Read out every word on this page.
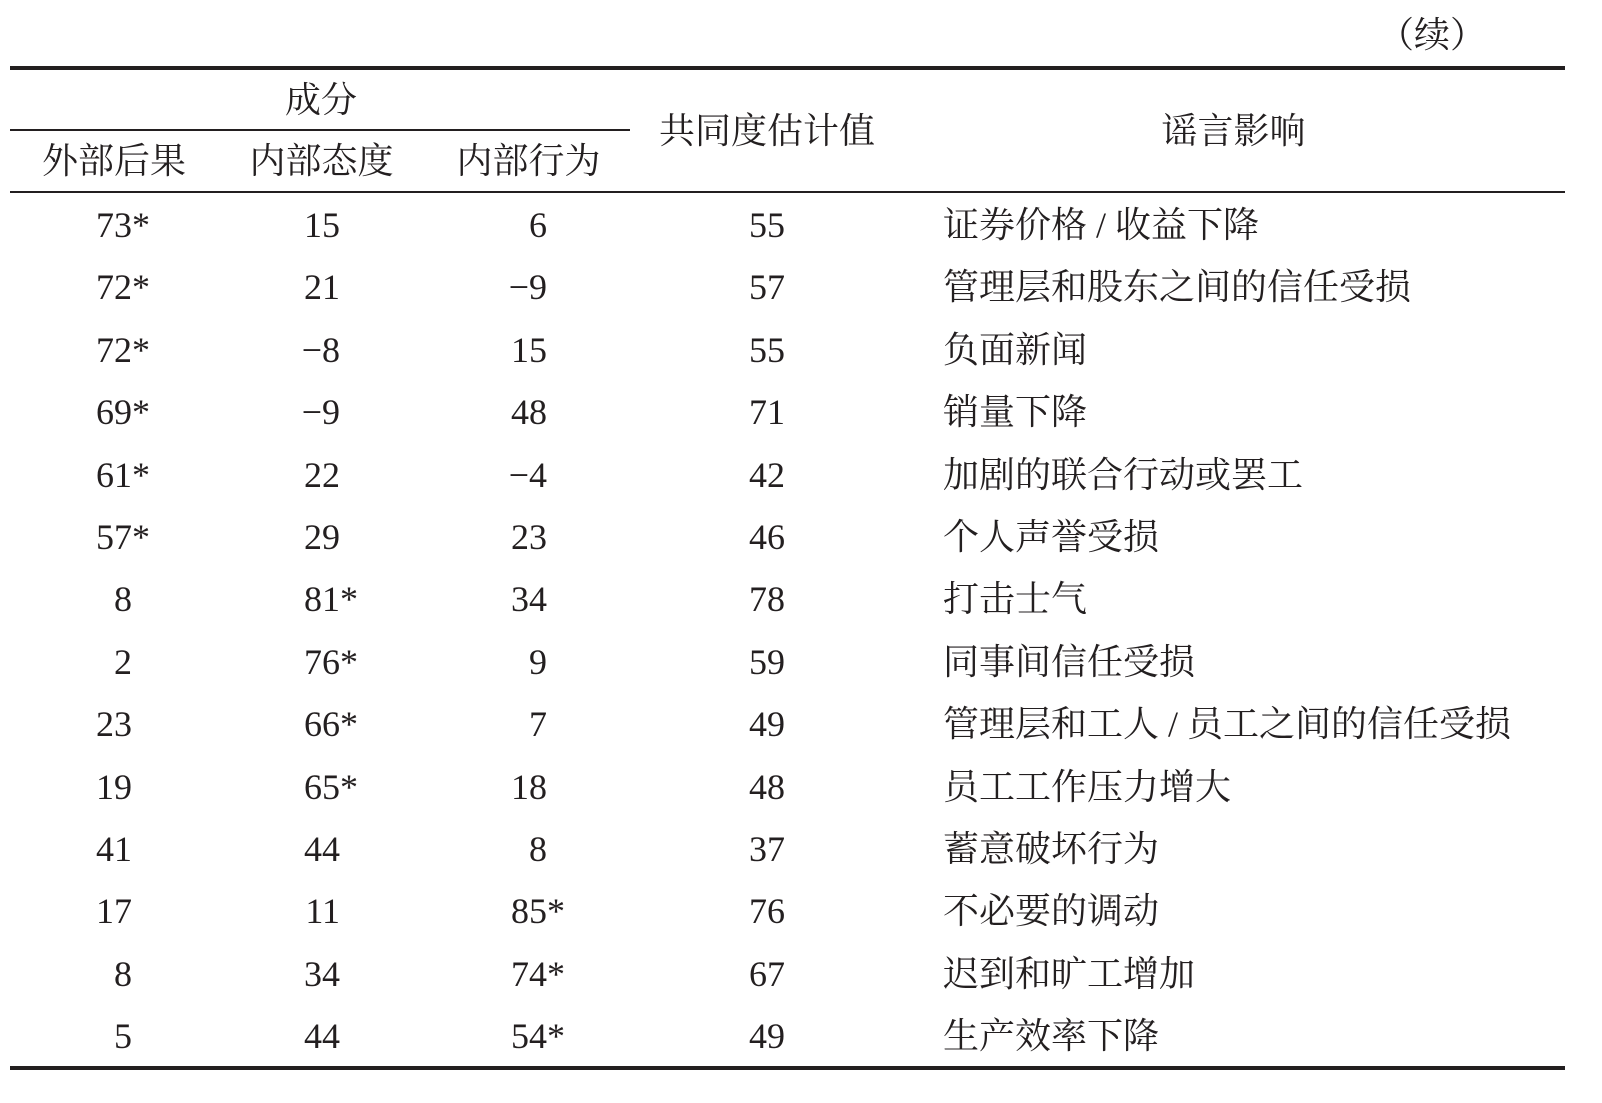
（续）
成分
外部后果	内部态度	内部行为
共同度估计值	谣言影响
73 *	15	6	55	证券价格 / 收益下降
72 *	21	−9	57	管理层和股东之间的信任受损
72 *	−8	15	55	负面新闻
69 *	−9	48	71	销量下降
61 *	22	−4	42	加剧的联合行动或罢工
57 *	29	23	46	个人声誉受损
8	81 *	34	78	打击士气
2	76 *	9	59	同事间信任受损
23	66 *	7	49	管理层和工人 / 员工之间的信任受损
19	65 *	18	48	员工工作压力增大
41	44	8	37	蓄意破坏行为
17	11	85 *	76	不必要的调动
8	34	74 *	67	迟到和旷工增加
5	44	54 *	49	生产效率下降
